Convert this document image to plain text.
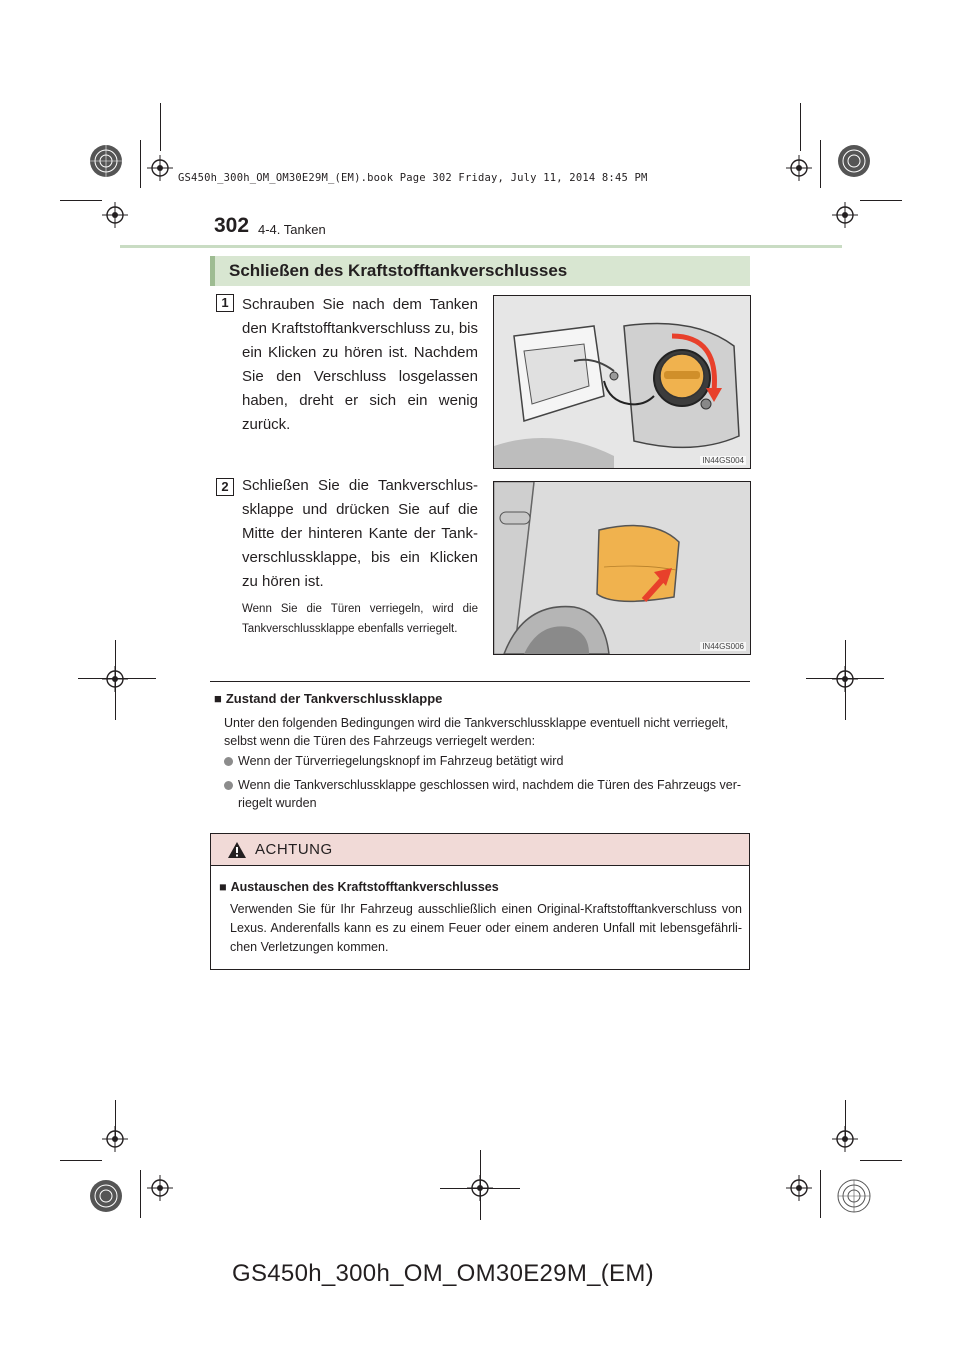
GS450h_300h_OM_OM30E29M_(EM).book Page 302 Friday, July 11, 2014 8:45 PM
302 4-4. Tanken
Schließen des Kraftstofftankverschlusses
1 Schrauben Sie nach dem Tanken den Kraftstofftankverschluss zu, bis ein Klicken zu hören ist. Nachdem Sie den Verschluss losgelassen haben, dreht er sich ein wenig zurück.
IN44GS004
2 Schließen Sie die Tankverschlus-sklappe und drücken Sie auf die Mitte der hinteren Kante der Tank-verschlussklappe, bis ein Klicken zu hören ist.
Wenn Sie die Türen verriegeln, wird die Tankverschlussklappe ebenfalls verriegelt.
IN44GS006
■ Zustand der Tankverschlussklappe
Unter den folgenden Bedingungen wird die Tankverschlussklappe eventuell nicht verriegelt, selbst wenn die Türen des Fahrzeugs verriegelt werden:
Wenn der Türverriegelungsknopf im Fahrzeug betätigt wird
Wenn die Tankverschlussklappe geschlossen wird, nachdem die Türen des Fahrzeugs ver-riegelt wurden
ACHTUNG
■ Austauschen des Kraftstofftankverschlusses
Verwenden Sie für Ihr Fahrzeug ausschließlich einen Original-Kraftstofftankverschluss von Lexus. Anderenfalls kann es zu einem Feuer oder einem anderen Unfall mit lebensgefährli-chen Verletzungen kommen.
GS450h_300h_OM_OM30E29M_(EM)
